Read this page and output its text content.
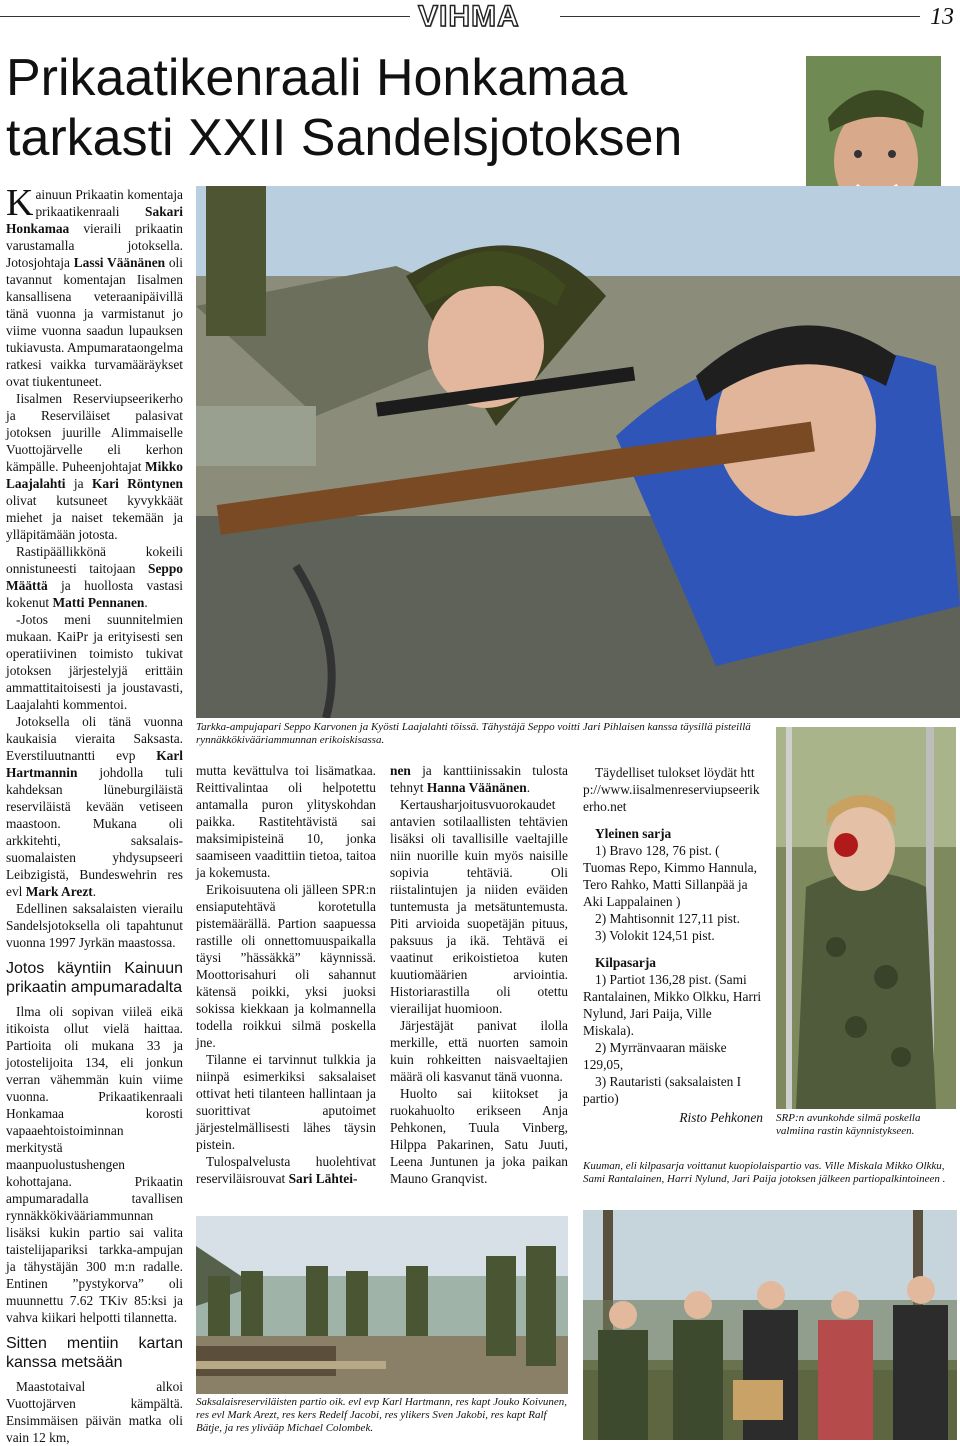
VIHMA	13
Prikaatikenraali Honkamaa
tarkasti XXII Sandelsjotoksen
Tarkka-ampujapari Seppo Karvonen ja Kyösti Laajalahti töissä. Tähystäjä Seppo voitti Jari Pihlaisen kanssa täysillä pisteillä rynnäkkökivääriammunnan erikoiskisassa.

Kainuun Prikaatin komentaja prikaatikenraali Sakari Honkamaa vieraili prikaatin varustamalla jotoksella. Jotosjohtaja Lassi Väänänen oli tavannut komentajan Iisalmen kansallisena veteraanipäivillä tänä vuonna ja varmistanut jo viime vuonna saadun lupauksen tukiavusta. Ampumarataongelma ratkesi vaikka turvamääräykset ovat tiukentuneet.

Iisalmen Reserviupseerikerho ja Reserviläiset palasivat jotoksen juurille Alimmaiselle Vuottojärvelle eli kerhon kämpälle. Puheenjohtajat Mikko Laajalahti ja Kari Röntynen olivat kutsuneet kyvykkäät miehet ja naiset tekemään ja ylläpitämään jotosta.

Rastipäällikkönä kokeili onnistuneesti taitojaan Seppo Määttä ja huollosta vastasi kokenut Matti Pennanen.

-Jotos meni suunnitelmien mukaan. KaiPr ja erityisesti sen operatiivinen toimisto tukivat jotoksen järjestelyjä erittäin ammattitaitoisesti ja joustavasti, Laajalahti kommentoi.

Jotoksella oli tänä vuonna kaukaisia vieraita Saksasta. Everstiluutnantti evp Karl Hartmannin johdolla tuli kahdeksan lüneburgiläistä reserviläistä kevään vetiseen maastoon. Mukana oli arkkitehti, saksalais-suomalaisten yhdysupseeri Leibzigistä, Bundeswehrin res evl Mark Arezt.

Edellinen saksalaisten vierailu Sandelsjotoksella oli tapahtunut vuonna 1997 Jyrkän maastossa.

Jotos käyntiin Kainuun prikaatin ampumaradalta

Ilma oli sopivan viileä eikä itikoista ollut vielä haittaa. Partioita oli mukana 33 ja jotostelijoita 134, eli jonkun verran vähemmän kuin viime vuonna. Prikaatikenraali Honkamaa korosti vapaaehtoistoiminnan merkitystä maanpuolustushengen kohottajana. Prikaatin ampumaradalla tavallisen rynnäkkökivääriammunnan lisäksi kukin partio sai valita taistelijapariksi tarkka-ampujan ja tähystäjän 300 m:n radalle. Entinen ”pystykorva” oli muunnettu 7.62 TKiv 85:ksi ja vahva kiikari helpotti tilannetta.

Sitten mentiin kartan kanssa metsään

Maastotaival alkoi Vuottojärven kämpältä. Ensimmäisen päivän matka oli vain 12 km,

mutta kevättulva toi lisämatkaa. Reittivalintaa oli helpotettu antamalla puron ylityskohdan paikka. Rastitehtävistä sai maksimipisteinä 10, jonka saamiseen vaadittiin tietoa, taitoa ja kokemusta.

Erikoisuutena oli jälleen SPR:n ensiaputehtävä korotetulla pistemäärällä. Partion saapuessa rastille oli onnettomuuspaikalla täysi ”hässäkkä” käynnissä. Moottorisahuri oli sahannut kätensä poikki, yksi juoksi sokissa kiekkaan ja kolmannella todella roikkui silmä poskella jne.

Tilanne ei tarvinnut tulkkia ja niinpä esimerkiksi saksalaiset ottivat heti tilanteen hallintaan ja suorittivat aputoimet järjestelmällisesti lähes täysin pistein.

Tulospalvelusta huolehtivat reserviläisrouvat Sari Lähtei-

nen ja kanttiinissakin tulosta tehnyt Hanna Väänänen.

Kertausharjoitusvuorokaudet antavien sotilaallisten tehtävien lisäksi oli tavallisille vaeltajille niin nuorille kuin myös naisille sopivia tehtäviä. Oli riistalintujen ja niiden eväiden tuntemusta ja metsätuntemusta. Piti arvioida suopetäjän pituus, paksuus ja ikä. Tehtävä ei vaatinut erikoistietoa kuten kuutiomäärien arviointia. Historiarastilla oli otettu vierailijat huomioon.

Järjestäjät panivat ilolla merkille, että nuorten samoin kuin rohkeitten naisvaeltajien määrä oli kasvanut tänä vuonna.

Huolto sai kiitokset ja ruokahuolto erikseen Anja Pehkonen, Tuula Vinberg, Hilppa Pakarinen, Satu Juuti, Leena Juntunen ja joka paikan Mauno Granqvist.

Täydelliset tulokset löydät http://www.iisalmenreserviupseerikerho.net

Yleinen sarja

1) Bravo 128, 76 pist. ( Tuomas Repo, Kimmo Hannula, Tero Rahko, Matti Sillanpää ja Aki Lappalainen )

2) Mahtisonnit 127,11 pist.

3) Volokit 124,51 pist.

Kilpasarja

1) Partiot 136,28 pist. (Sami Rantalainen, Mikko Olkku, Harri Nylund, Jari Paija, Ville Miskala).

2) Myrränvaaran mäiske 129,05,

3) Rautaristi (saksalaisten I partio)

Risto Pehkonen SRP:n avunkohde silmä poskella valmiina rastin käynnistykseen.
Kuuman, eli kilpasarja voittanut kuopiolaispartio vas. Ville Miskala Mikko Olkku, Sami Rantalainen, Harri Nylund, Jari Paija jotoksen jälkeen partiopalkintoineen .
Saksalaisreserviläisten partio oik. evl evp Karl Hartmann, res kapt Jouko Koivunen, res evl Mark Arezt, res kers Redelf Jacobi, res ylikers Sven Jakobi, res kapt Ralf Bätje, ja res ylivääp Michael Colombek.
